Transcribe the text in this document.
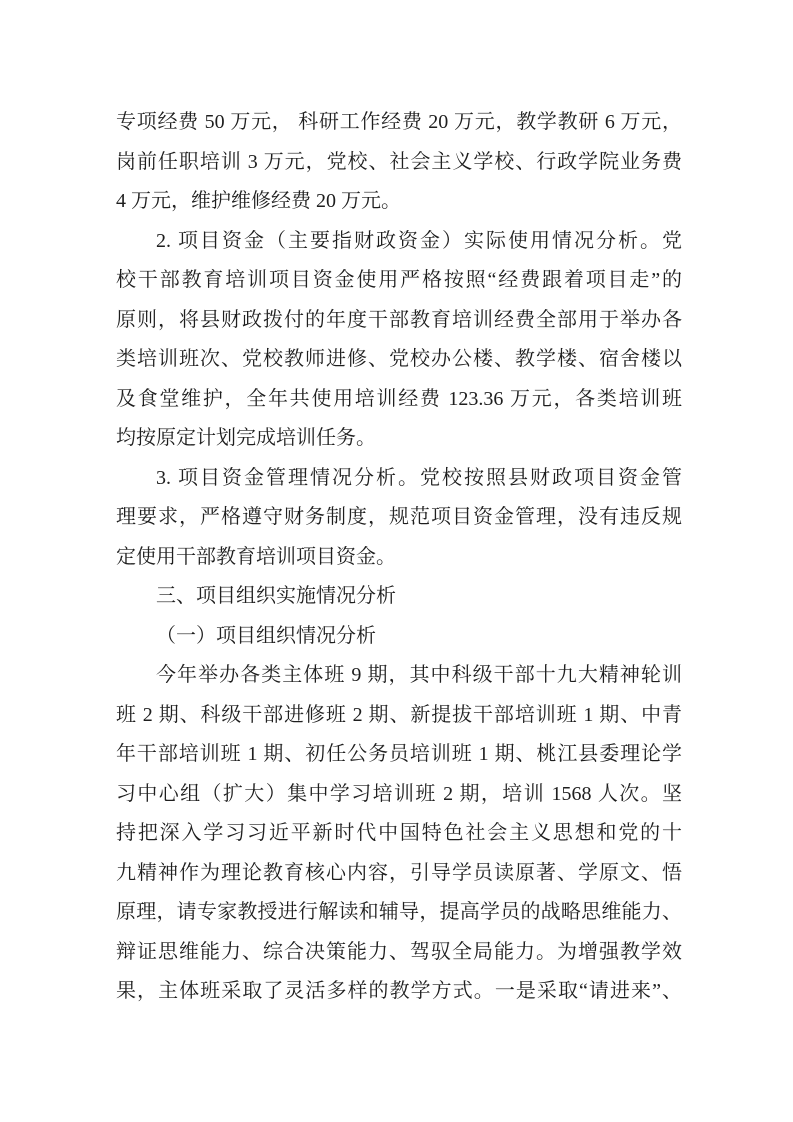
专项经费 50 万元， 科研工作经费 20 万元，教学教研 6 万元，
岗前任职培训 3 万元，党校、社会主义学校、行政学院业务费
4 万元，维护维修经费 20 万元。
2. 项目资金（主要指财政资金）实际使用情况分析。党
校干部教育培训项目资金使用严格按照“经费跟着项目走”的
原则，将县财政拨付的年度干部教育培训经费全部用于举办各
类培训班次、党校教师进修、党校办公楼、教学楼、宿舍楼以
及食堂维护，全年共使用培训经费 123.36 万元，各类培训班
均按原定计划完成培训任务。
3. 项目资金管理情况分析。党校按照县财政项目资金管
理要求，严格遵守财务制度，规范项目资金管理，没有违反规
定使用干部教育培训项目资金。
三、项目组织实施情况分析
（一）项目组织情况分析
今年举办各类主体班 9 期，其中科级干部十九大精神轮训
班 2 期、科级干部进修班 2 期、新提拔干部培训班 1 期、中青
年干部培训班 1 期、初任公务员培训班 1 期、桃江县委理论学
习中心组（扩大）集中学习培训班 2 期，培训 1568 人次。坚
持把深入学习习近平新时代中国特色社会主义思想和党的十
九精神作为理论教育核心内容，引导学员读原著、学原文、悟
原理，请专家教授进行解读和辅导，提高学员的战略思维能力、
辩证思维能力、综合决策能力、驾驭全局能力。为增强教学效
果，主体班采取了灵活多样的教学方式。一是采取“请进来”、
